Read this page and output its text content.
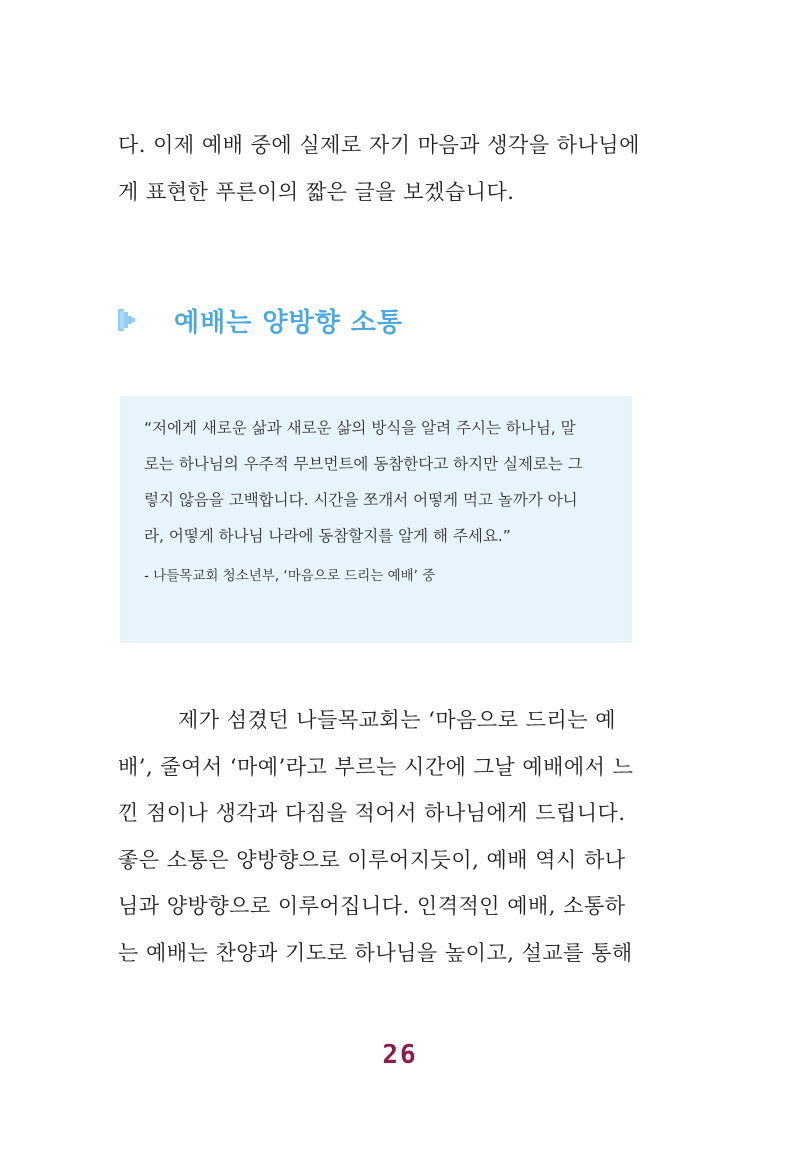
다. 이제 예배 중에 실제로 자기 마음과 생각을 하나님에
게 표현한 푸른이의 짧은 글을 보겠습니다.
예배는 양방향 소통
“저에게 새로운 삶과 새로운 삶의 방식을 알려 주시는 하나님, 말
로는 하나님의 우주적 무브먼트에 동참한다고 하지만 실제로는 그
렇지 않음을 고백합니다. 시간을 쪼개서 어떻게 먹고 놀까가 아니
라, 어떻게 하나님 나라에 동참할지를 알게 해 주세요.”
- 나들목교회 청소년부, ‘마음으로 드리는 예배’ 중
제가 섬겼던 나들목교회는 ‘마음으로 드리는 예
배’, 줄여서 ‘마예’라고 부르는 시간에 그날 예배에서 느
낀 점이나 생각과 다짐을 적어서 하나님에게 드립니다.
좋은 소통은 양방향으로 이루어지듯이, 예배 역시 하나
님과 양방향으로 이루어집니다. 인격적인 예배, 소통하
는 예배는 찬양과 기도로 하나님을 높이고, 설교를 통해
26
